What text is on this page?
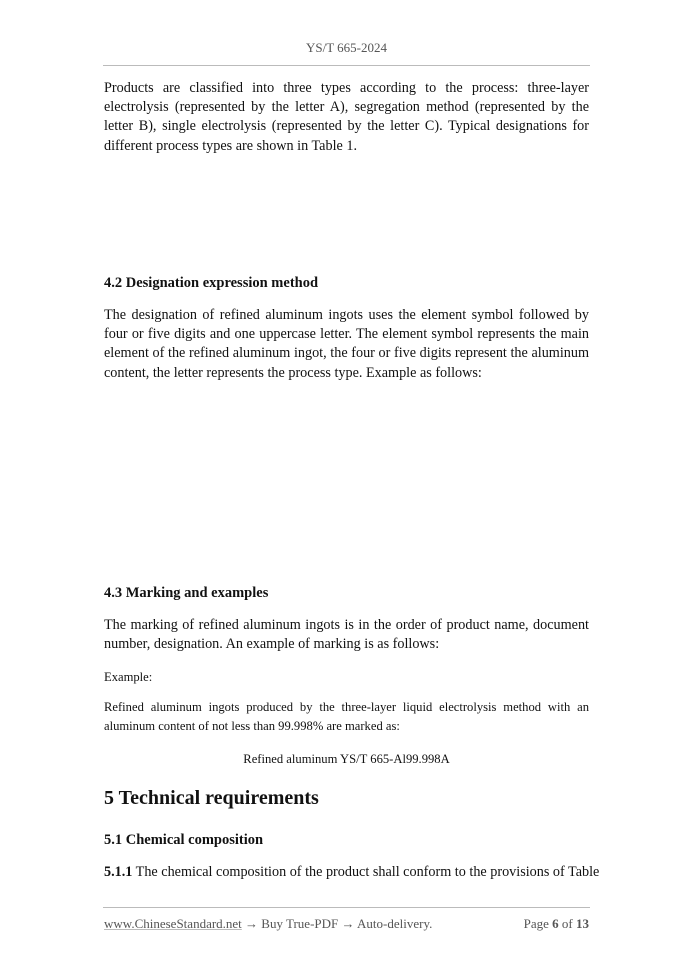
YS/T 665-2024
Products are classified into three types according to the process: three-layer electrolysis (represented by the letter A), segregation method (represented by the letter B), single electrolysis (represented by the letter C). Typical designations for different process types are shown in Table 1.
4.2 Designation expression method
The designation of refined aluminum ingots uses the element symbol followed by four or five digits and one uppercase letter. The element symbol represents the main element of the refined aluminum ingot, the four or five digits represent the aluminum content, the letter represents the process type. Example as follows:
4.3 Marking and examples
The marking of refined aluminum ingots is in the order of product name, document number, designation. An example of marking is as follows:
Example:
Refined aluminum ingots produced by the three-layer liquid electrolysis method with an aluminum content of not less than 99.998% are marked as:
Refined aluminum YS/T 665-Al99.998A
5 Technical requirements
5.1 Chemical composition
5.1.1 The chemical composition of the product shall conform to the provisions of Table
www.ChineseStandard.net → Buy True-PDF → Auto-delivery.	Page 6 of 13
